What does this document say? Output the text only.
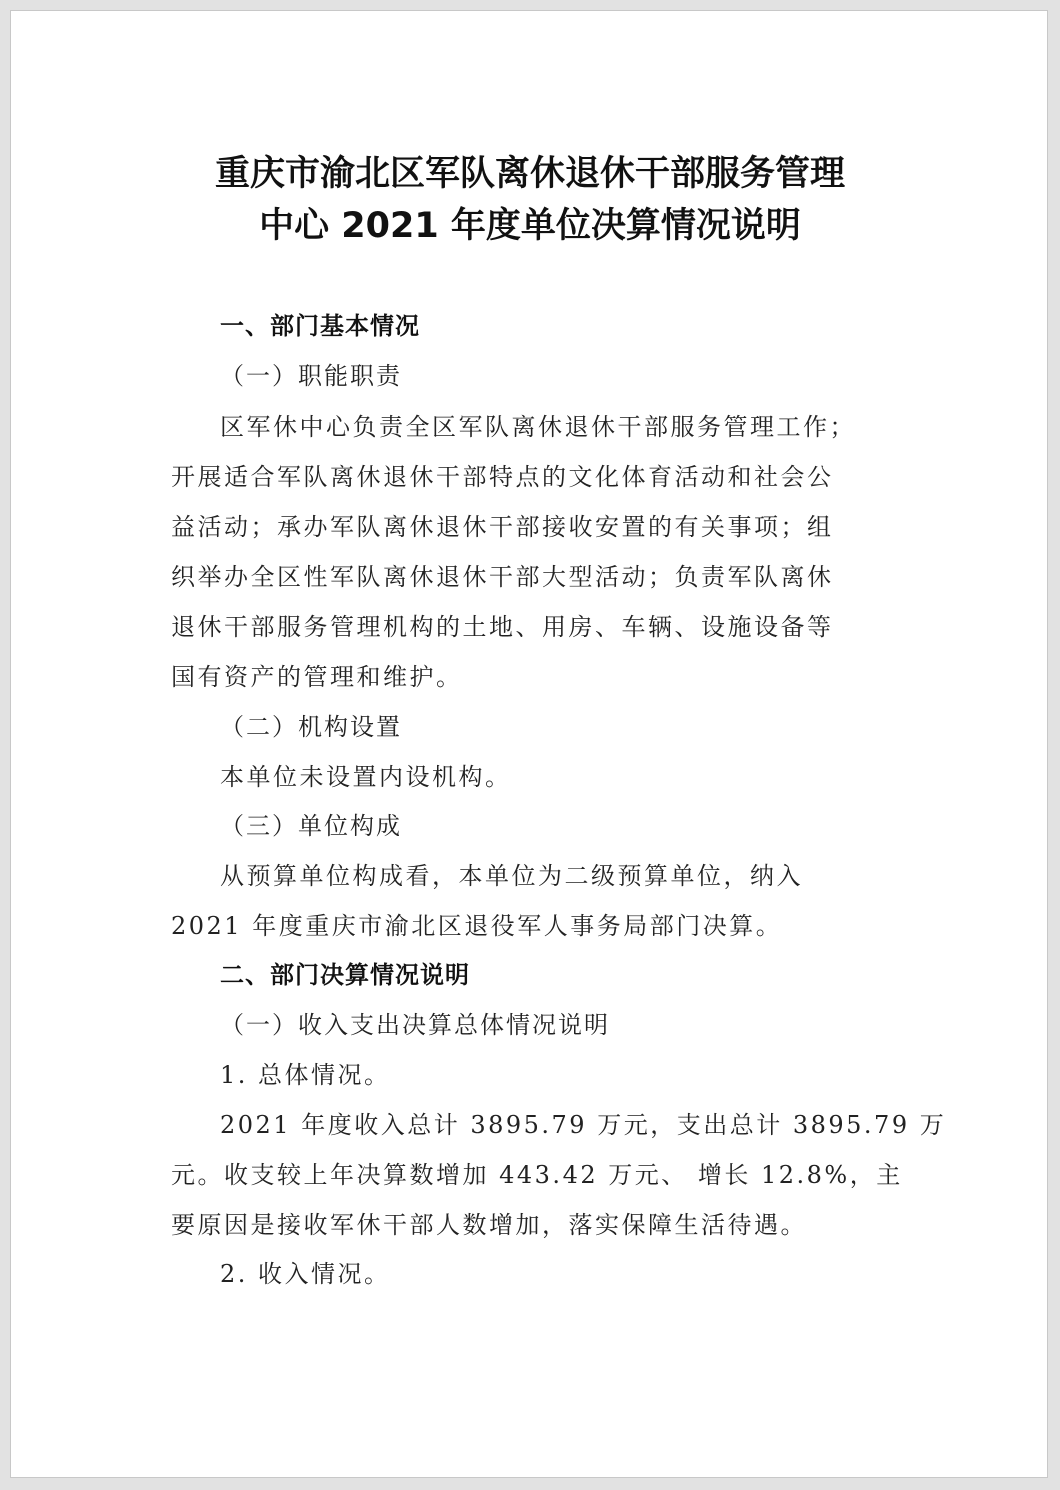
重庆市渝北区军队离休退休干部服务管理
中心 2021 年度单位决算情况说明
一、部门基本情况
（一）职能职责
区军休中心负责全区军队离休退休干部服务管理工作；
开展适合军队离休退休干部特点的文化体育活动和社会公
益活动；承办军队离休退休干部接收安置的有关事项；组
织举办全区性军队离休退休干部大型活动；负责军队离休
退休干部服务管理机构的土地、用房、车辆、设施设备等
国有资产的管理和维护。
（二）机构设置
本单位未设置内设机构。
（三）单位构成
从预算单位构成看，本单位为二级预算单位，纳入
2021 年度重庆市渝北区退役军人事务局部门决算。
二、部门决算情况说明
（一）收入支出决算总体情况说明
1. 总体情况。
2021 年度收入总计 3895.79 万元，支出总计 3895.79 万
元。收支较上年决算数增加 443.42 万元、 增长 12.8%，主
要原因是接收军休干部人数增加，落实保障生活待遇。
2. 收入情况。
